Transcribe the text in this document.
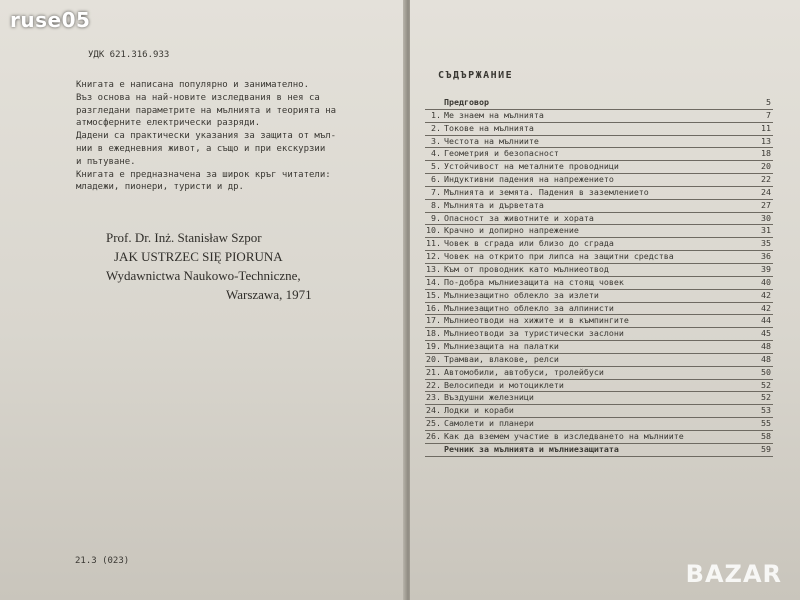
УДК 621.316.933
Книгата е написана популярно и занимателно.
Въз основа на най-новите изследвания в нея са
разгледани параметрите на мълнията и теорията на
атмосферните електрически разряди.
Дадени са практически указания за защита от мъл-
нии в ежедневния живот, а също и при екскурзии
и пътуване.
Книгата е предназначена за широк кръг читатели:
младежи, пионери, туристи и др.
Prof. Dr. Inż. Stanisław Szpor
JAK USTRZEC SIĘ PIORUNA
Wydawnictwa Naukowo-Techniczne,
Warszawa, 1971
21.3 (023)
СЪДЪРЖАНИЕ
Предговор	5
1. Ме знаем на мълнията	7
2. Токове на мълнията	11
3. Честота на мълниите	13
4. Геометрия и безопасност	18
5. Устойчивост на металните проводници	20
6. Индуктивни падения на напрежението	22
7. Мълнията и земята. Падения в заземлението	24
8. Мълнията и дърветата	27
9. Опасност за животните и хората	30
10. Крачно и допирно напрежение	31
11. Човек в сграда или близо до сграда	35
12. Човек на открито при липса на защитни средства	36
13. Към от проводник като мълниеотвод	39
14. По-добра мълниезащита на стоящ човек	40
15. Мълниезащитно облекло за излети	42
16. Мълниезащитно облекло за алпинисти	42
17. Мълниеотводи на хижите и в къмпингите	44
18. Мълниеотводи за туристически заслони	45
19. Мълниезащита на палатки	48
20. Трамваи, влакове, релси	48
21. Автомобили, автобуси, тролейбуси	50
22. Велосипеди и мотоциклети	52
23. Въздушни железници	52
24. Лодки и кораби	53
25. Самолети и планери	55
26. Как да вземем участие в изследването на мълниите	58
Речник за мълнията и мълниезащитата	59
ruse05
BAZAR
